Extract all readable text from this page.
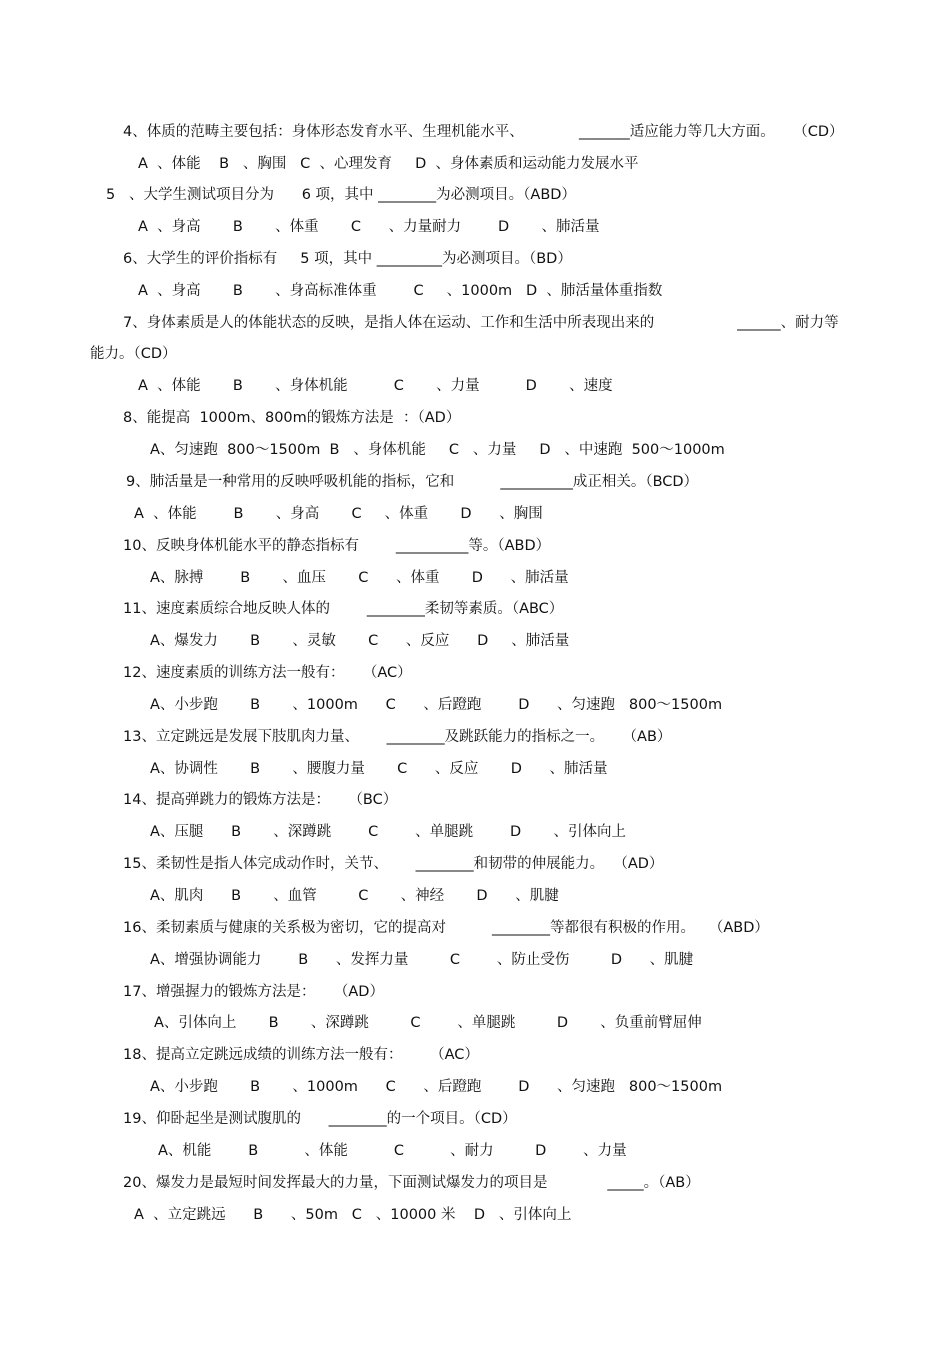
4、体质的范畴主要包括：身体形态发育水平、生理机能水平、            _______适应能力等几大方面。    （CD）
A  、体能    B   、胸围   C  、心理发育     D  、身体素质和运动能力发展水平
5   、大学生测试项目分为      6 项，其中 ________为必测项目。（ABD）
A  、身高       B       、体重       C      、力量耐力        D       、肺活量
6、大学生的评价指标有     5 项，其中 _________为必测项目。（BD）
A  、身高       B       、身高标准体重        C     、1000m   D  、肺活量体重指数
7、身体素质是人的体能状态的反映，是指人体在运动、工作和生活中所表现出来的                  ______、耐力等
能力。（CD）
A  、体能       B       、身体机能          C       、力量          D       、速度
8、能提高  1000m、800m的锻炼方法是  ：（AD）
A、匀速跑  800～1500m  B   、身体机能     C   、力量     D   、中速跑  500～1000m
9、肺活量是一种常用的反映呼吸机能的指标，它和          __________成正相关。（BCD）
A  、体能        B       、身高       C     、体重       D      、胸围
10、反映身体机能水平的静态指标有        __________等。（ABD）
A、脉搏        B       、血压       C      、体重       D      、肺活量
11、速度素质综合地反映人体的        ________柔韧等素质。（ABC）
A、爆发力       B       、灵敏       C      、反应      D     、肺活量
12、速度素质的训练方法一般有：    （AC）
A、小步跑       B       、1000m      C      、后蹬跑        D      、匀速跑   800～1500m
13、立定跳远是发展下肢肌肉力量、      ________及跳跃能力的指标之一。    （AB）
A、协调性       B       、腰腹力量       C      、反应       D      、肺活量
14、提高弹跳力的锻炼方法是：    （BC）
A、压腿      B       、深蹲跳        C        、单腿跳        D       、引体向上
15、柔韧性是指人体完成动作时，关节、      ________和韧带的伸展能力。  （AD）
A、肌肉      B       、血管         C       、神经       D      、肌腱
16、柔韧素质与健康的关系极为密切，它的提高对          ________等都很有积极的作用。   （ABD）
A、增强协调能力        B      、发挥力量         C        、防止受伤         D      、肌腱
17、增强握力的锻炼方法是：    （AD）
A、引体向上       B       、深蹲跳         C        、单腿跳         D       、负重前臂屈伸
18、提高立定跳远成绩的训练方法一般有：      （AC）
A、小步跑       B       、1000m      C      、后蹬跑        D      、匀速跑   800～1500m
19、仰卧起坐是测试腹肌的      ________的一个项目。（CD）
A、机能        B          、体能          C          、耐力         D        、力量
20、爆发力是最短时间发挥最大的力量，下面测试爆发力的项目是             _____。（AB）
A  、立定跳远      B      、50m   C   、10000 米    D   、引体向上
